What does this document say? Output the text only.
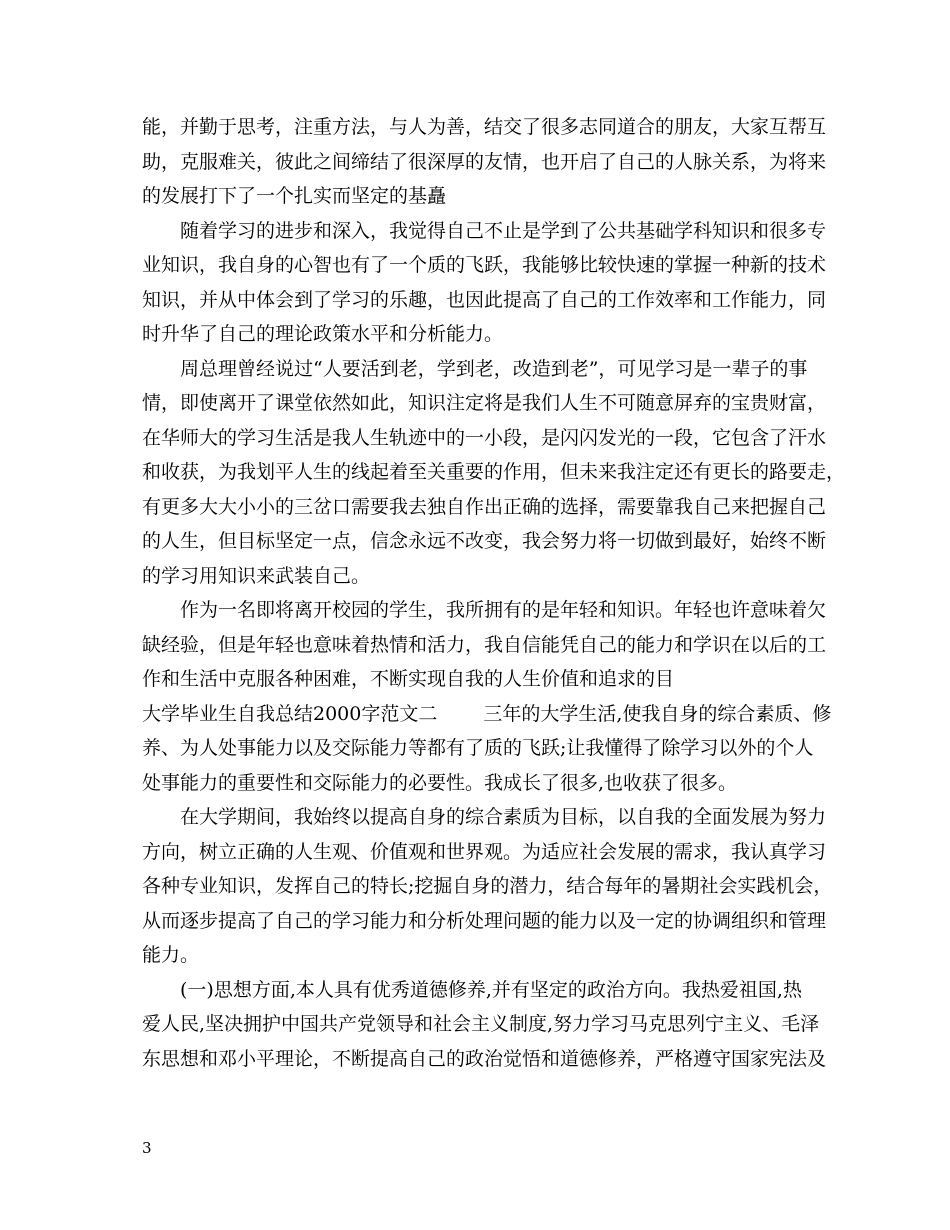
能，并勤于思考，注重方法，与人为善，结交了很多志同道合的朋友，大家互帮互
助，克服难关，彼此之间缔结了很深厚的友情，也开启了自己的人脉关系，为将来
的发展打下了一个扎实而坚定的基矗
随着学习的进步和深入，我觉得自己不止是学到了公共基础学科知识和很多专
业知识，我自身的心智也有了一个质的飞跃，我能够比较快速的掌握一种新的技术
知识，并从中体会到了学习的乐趣，也因此提高了自己的工作效率和工作能力，同
时升华了自己的理论政策水平和分析能力。
周总理曾经说过“人要活到老，学到老，改造到老”，可见学习是一辈子的事
情，即使离开了课堂依然如此，知识注定将是我们人生不可随意屏弃的宝贵财富，
在华师大的学习生活是我人生轨迹中的一小段，是闪闪发光的一段，它包含了汗水
和收获，为我划平人生的线起着至关重要的作用，但未来我注定还有更长的路要走，
有更多大大小小的三岔口需要我去独自作出正确的选择，需要靠我自己来把握自己
的人生，但目标坚定一点，信念永远不改变，我会努力将一切做到最好，始终不断
的学习用知识来武装自己。
作为一名即将离开校园的学生，我所拥有的是年轻和知识。年轻也许意味着欠
缺经验，但是年轻也意味着热情和活力，我自信能凭自己的能力和学识在以后的工
作和生活中克服各种困难，不断实现自我的人生价值和追求的目
大学毕业生自我总结2000字范文二 三年的大学生活,使我自身的综合素质、修
养、为人处事能力以及交际能力等都有了质的飞跃;让我懂得了除学习以外的个人
处事能力的重要性和交际能力的必要性。我成长了很多,也收获了很多。
在大学期间，我始终以提高自身的综合素质为目标，以自我的全面发展为努力
方向，树立正确的人生观、价值观和世界观。为适应社会发展的需求，我认真学习
各种专业知识，发挥自己的特长;挖掘自身的潜力，结合每年的暑期社会实践机会，
从而逐步提高了自己的学习能力和分析处理问题的能力以及一定的协调组织和管理
能力。
(一)思想方面,本人具有优秀道德修养,并有坚定的政治方向。我热爱祖国,热
爱人民,坚决拥护中国共产党领导和社会主义制度,努力学习马克思列宁主义、毛泽
东思想和邓小平理论，不断提高自己的政治觉悟和道德修养，严格遵守国家宪法及
3
